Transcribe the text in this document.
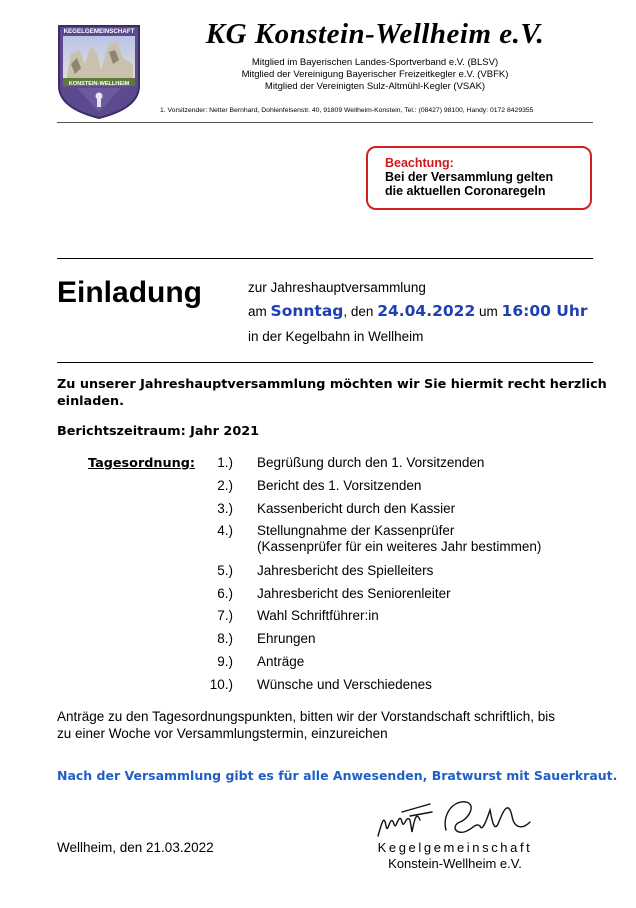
KEGELGEMEINSCHAFT
KONSTEIN-WELLHEIM
KG Konstein-Wellheim e.V.
Mitglied im Bayerischen Landes-Sportverband e.V. (BLSV)
Mitglied der Vereinigung Bayerischer Freizeitkegler e.V. (VBFK)
Mitglied der Vereinigten Sulz-Altmühl-Kegler (VSAK)
1. Vorsitzender: Netter Bernhard, Dohlenfelsenstr. 40, 91809 Wellheim-Konstein, Tel.: (08427) 98100, Handy: 0172 8429355
Beachtung:
Bei der Versammlung gelten
die aktuellen Coronaregeln
Einladung	zur Jahreshauptversammlung
am Sonntag, den 24.04.2022 um 16:00 Uhr
in der Kegelbahn in Wellheim
Zu unserer Jahreshauptversammlung möchten wir Sie hiermit recht herzlich
einladen.
Berichtszeitraum: Jahr 2021
Tagesordnung:	1.) Begrüßung durch den 1. Vorsitzenden
2.) Bericht des 1. Vorsitzenden
3.) Kassenbericht durch den Kassier
4.) Stellungnahme der Kassenprüfer
(Kassenprüfer für ein weiteres Jahr bestimmen)
5.) Jahresbericht des Spielleiters
6.) Jahresbericht des Seniorenleiter
7.) Wahl Schriftführer:in
8.) Ehrungen
9.) Anträge
10.) Wünsche und Verschiedenes
Anträge zu den Tagesordnungspunkten, bitten wir der Vorstandschaft schriftlich, bis
zu einer Woche vor Versammlungstermin, einzureichen
Nach der Versammlung gibt es für alle Anwesenden, Bratwurst mit Sauerkraut.
Wellheim, den 21.03.2022	Kegelgemeinschaft
Konstein-Wellheim e.V.
